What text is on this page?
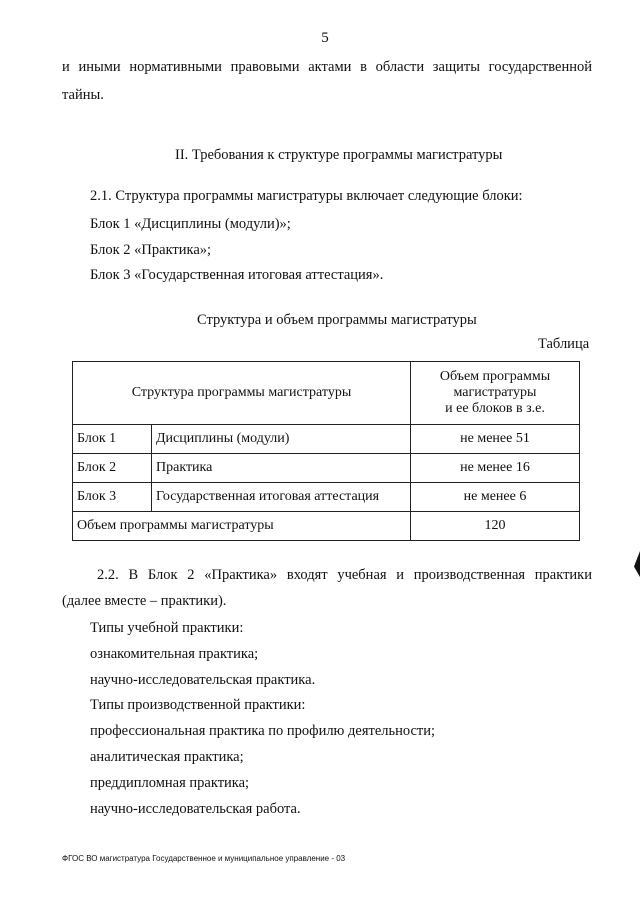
5
и иными нормативными правовыми актами в области защиты государственной
тайны.
II. Требования к структуре программы магистратуры
2.1. Структура программы магистратуры включает следующие блоки:
Блок 1 «Дисциплины (модули)»;
Блок 2 «Практика»;
Блок 3 «Государственная итоговая аттестация».
Структура и объем программы магистратуры
Таблица
Структура программы магистратуры		Объем программы
магистратуры
и ее блоков в з.е.

Блок 1	Дисциплины (модули)	не менее 51
Блок 2	Практика	не менее 16
Блок 3	Государственная итоговая аттестация	не менее 6
Объем программы магистратуры		120
2.2. В Блок 2 «Практика» входят учебная и производственная практики
(далее вместе – практики).
Типы учебной практики:
ознакомительная практика;
научно-исследовательская практика.
Типы производственной практики:
профессиональная практика по профилю деятельности;
аналитическая практика;
преддипломная практика;
научно-исследовательская работа.
ФГОС ВО магистратура Государственное и муниципальное управление - 03
